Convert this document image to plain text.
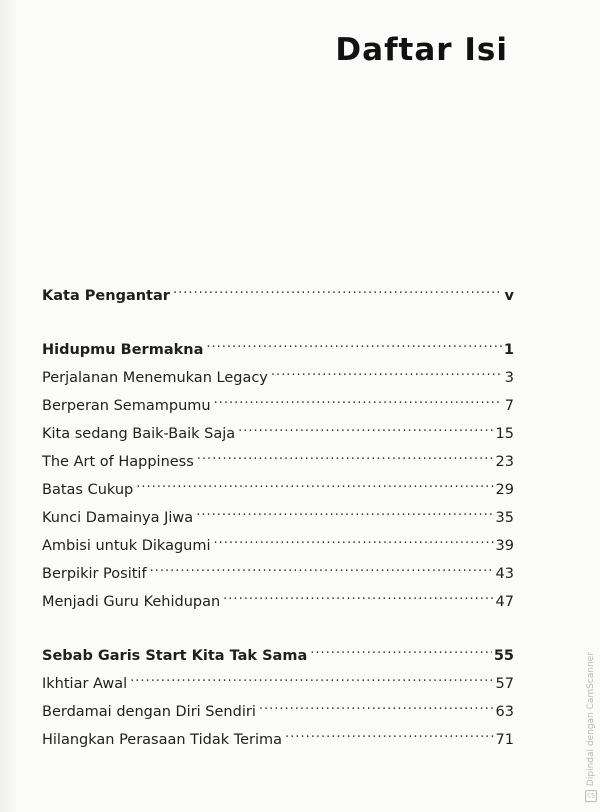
Daftar Isi
Kata Pengantar .....	v
Hidupmu Bermakna .....	1
Perjalanan Menemukan Legacy .....	3
Berperan Semampumu .....	7
Kita sedang Baik-Baik Saja .....	15
The Art of Happiness .....	23
Batas Cukup .....	29
Kunci Damainya Jiwa .....	35
Ambisi untuk Dikagumi .....	39
Berpikir Positif .....	43
Menjadi Guru Kehidupan .....	47
Sebab Garis Start Kita Tak Sama .....	55
Ikhtiar Awal .....	57
Berdamai dengan Diri Sendiri .....	63
Hilangkan Perasaan Tidak Terima .....	71
CS
Dipindai dengan CamScanner
